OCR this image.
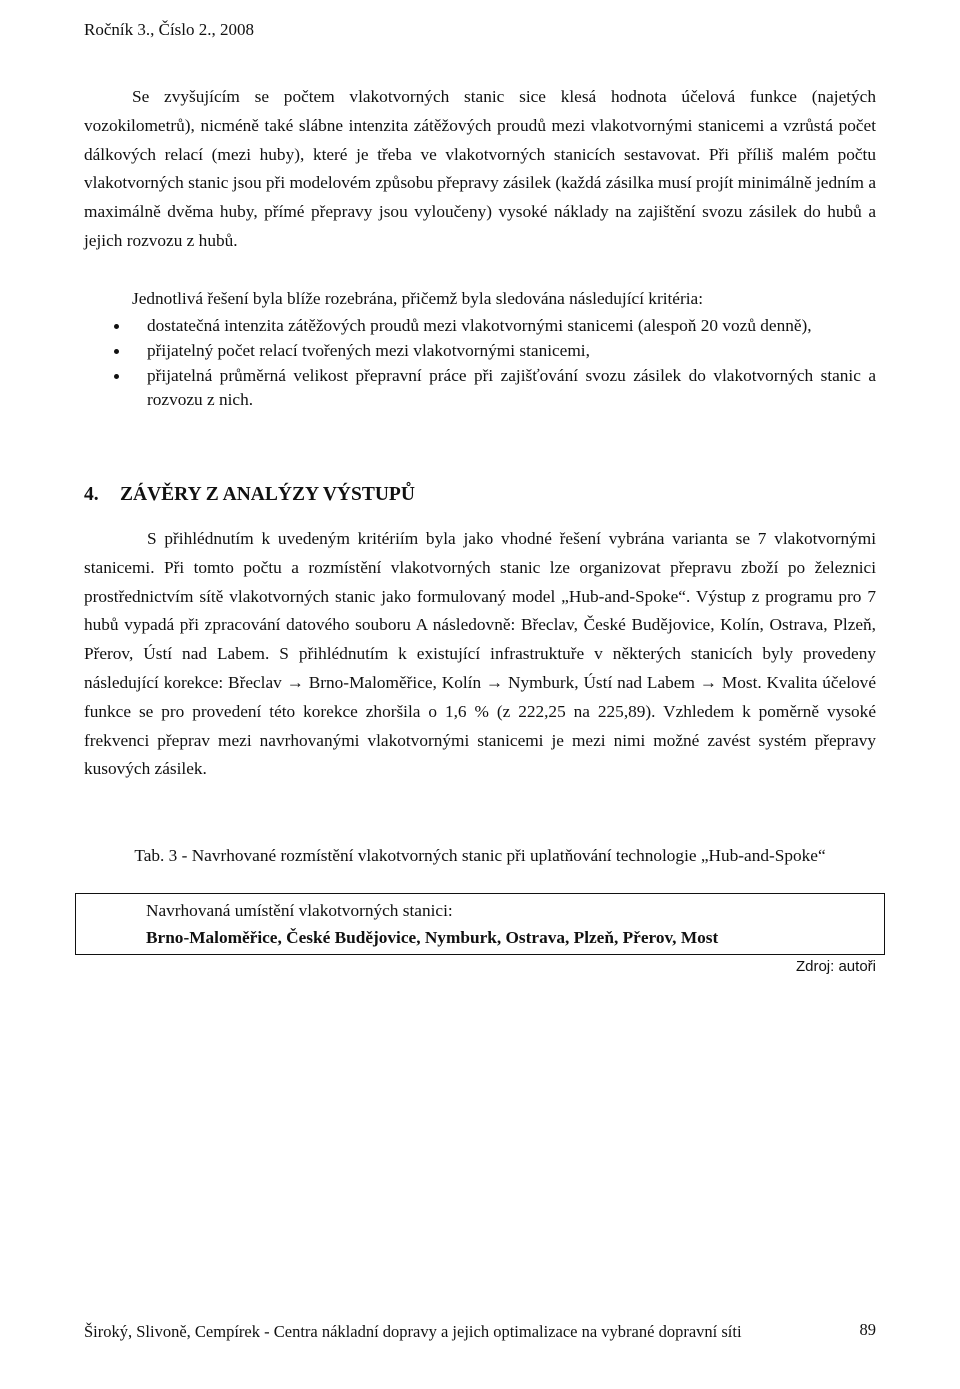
Ročník 3., Číslo 2., 2008

Se zvyšujícím se počtem vlakotvorných stanic sice klesá hodnota účelová funkce (najetých vozokilometrů), nicméně také slábne intenzita zátěžových proudů mezi vlakotvornými stanicemi a vzrůstá počet dálkových relací (mezi huby), které je třeba ve vlakotvorných stanicích sestavovat. Při příliš malém počtu vlakotvorných stanic jsou při modelovém způsobu přepravy zásilek (každá zásilka musí projít minimálně jedním a maximálně dvěma huby, přímé přepravy jsou vyloučeny) vysoké náklady na zajištění svozu zásilek do hubů a jejich rozvozu z hubů.

Jednotlivá řešení byla blíže rozebrána, přičemž byla sledována následující kritéria:

dostatečná intenzita zátěžových proudů mezi vlakotvornými stanicemi (alespoň 20 vozů denně),
přijatelný počet relací tvořených mezi vlakotvornými stanicemi,
přijatelná průměrná velikost přepravní práce při zajišťování svozu zásilek do vlakotvorných stanic a rozvozu z nich.
4. ZÁVĚRY Z ANALÝZY VÝSTUPŮ

S přihlédnutím k uvedeným kritériím byla jako vhodné řešení vybrána varianta se 7 vlakotvornými stanicemi. Při tomto počtu a rozmístění vlakotvorných stanic lze organizovat přepravu zboží po železnici prostřednictvím sítě vlakotvorných stanic jako formulovaný model „Hub-and-Spoke“. Výstup z programu pro 7 hubů vypadá při zpracování datového souboru A následovně: Břeclav, České Budějovice, Kolín, Ostrava, Plzeň, Přerov, Ústí nad Labem. S přihlédnutím k existující infrastruktuře v některých stanicích byly provedeny následující korekce: Břeclav → Brno-Maloměřice, Kolín → Nymburk, Ústí nad Labem → Most. Kvalita účelové funkce se pro provedení této korekce zhoršila o 1,6 % (z 222,25 na 225,89). Vzhledem k poměrně vysoké frekvenci přeprav mezi navrhovanými vlakotvornými stanicemi je mezi nimi možné zavést systém přepravy kusových zásilek.

Tab. 3 - Navrhované rozmístění vlakotvorných stanic při uplatňování technologie „Hub-and-Spoke“

Navrhovaná umístění vlakotvorných stanici:
Brno-Maloměřice, České Budějovice, Nymburk, Ostrava, Plzeň, Přerov, Most
Zdroj: autoři

Široký, Slivoně, Cempírek - Centra nákladní dopravy a jejich optimalizace na vybrané dopravní síti	89
